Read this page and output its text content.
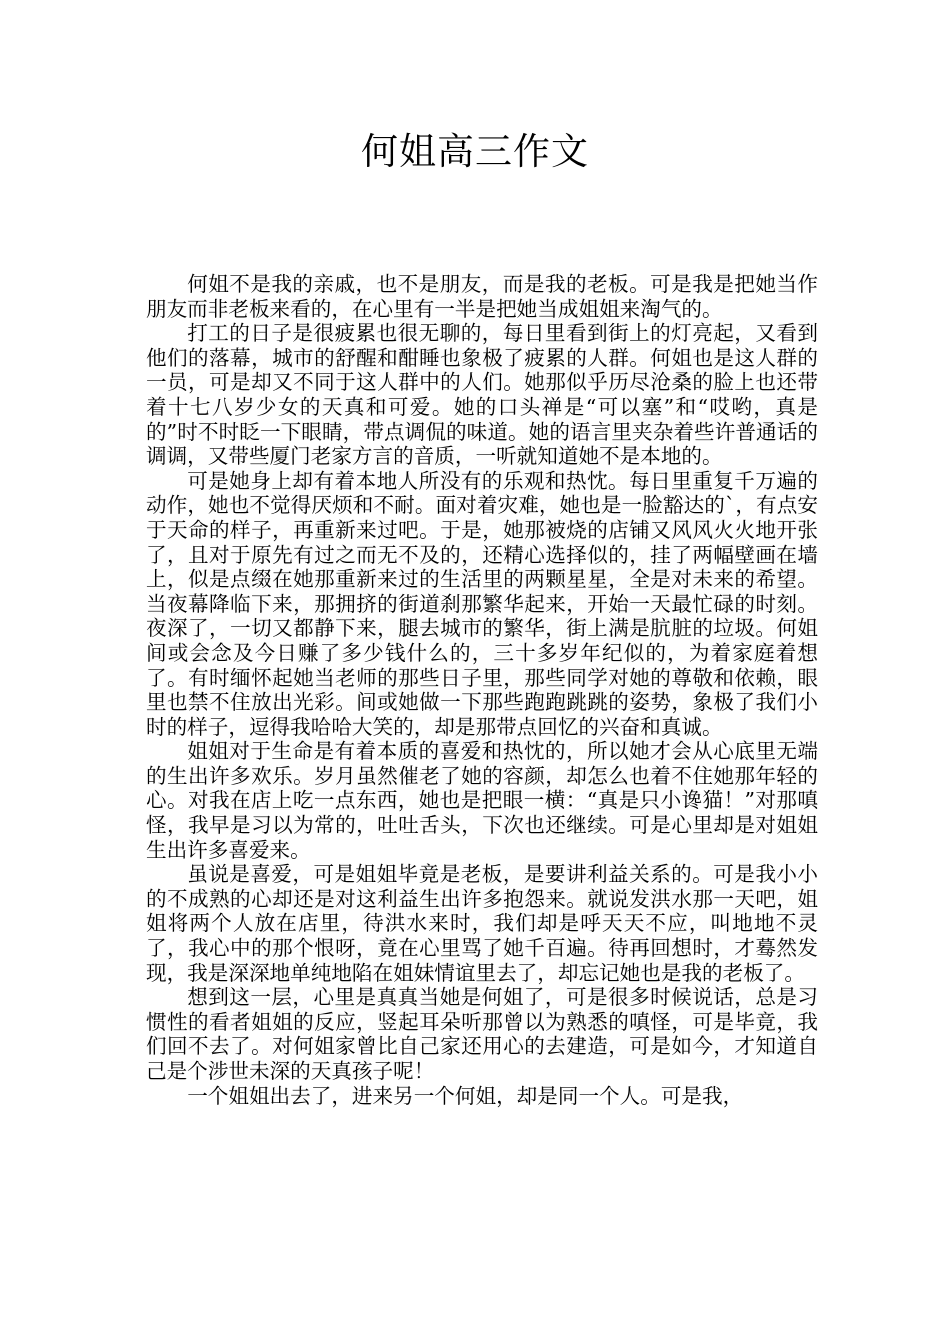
何姐高三作文

何姐不是我的亲戚，也不是朋友，而是我的老板。可是我是把她当作朋友而非老板来看的，在心里有一半是把她当成姐姐来淘气的。

打工的日子是很疲累也很无聊的，每日里看到街上的灯亮起，又看到他们的落幕，城市的舒醒和酣睡也象极了疲累的人群。何姐也是这人群的一员，可是却又不同于这人群中的人们。她那似乎历尽沧桑的脸上也还带着十七八岁少女的天真和可爱。她的口头禅是“可以塞”和“哎哟，真是的”时不时眨一下眼睛，带点调侃的味道。她的语言里夹杂着些许普通话的调调，又带些厦门老家方言的音质，一听就知道她不是本地的。

可是她身上却有着本地人所没有的乐观和热忱。每日里重复千万遍的动作，她也不觉得厌烦和不耐。面对着灾难，她也是一脸豁达的`，有点安于天命的样子，再重新来过吧。于是，她那被烧的店铺又风风火火地开张了，且对于原先有过之而无不及的，还精心选择似的，挂了两幅壁画在墙上，似是点缀在她那重新来过的生活里的两颗星星，全是对未来的希望。当夜幕降临下来，那拥挤的街道刹那繁华起来，开始一天最忙碌的时刻。夜深了，一切又都静下来，腿去城市的繁华，街上满是肮脏的垃圾。何姐间或会念及今日赚了多少钱什么的，三十多岁年纪似的，为着家庭着想了。有时缅怀起她当老师的那些日子里，那些同学对她的尊敬和依赖，眼里也禁不住放出光彩。间或她做一下那些跑跑跳跳的姿势，象极了我们小时的样子，逗得我哈哈大笑的，却是那带点回忆的兴奋和真诚。

姐姐对于生命是有着本质的喜爱和热忱的，所以她才会从心底里无端的生出许多欢乐。岁月虽然催老了她的容颜，却怎么也着不住她那年轻的心。对我在店上吃一点东西，她也是把眼一横：“真是只小谗猫！”对那嗔怪，我早是习以为常的，吐吐舌头，下次也还继续。可是心里却是对姐姐生出许多喜爱来。

虽说是喜爱，可是姐姐毕竟是老板，是要讲利益关系的。可是我小小的不成熟的心却还是对这利益生出许多抱怨来。就说发洪水那一天吧，姐姐将两个人放在店里，待洪水来时，我们却是呼天天不应，叫地地不灵了，我心中的那个恨呀，竟在心里骂了她千百遍。待再回想时，才蓦然发现，我是深深地单纯地陷在姐妹情谊里去了，却忘记她也是我的老板了。

想到这一层，心里是真真当她是何姐了，可是很多时候说话，总是习惯性的看者姐姐的反应，竖起耳朵听那曾以为熟悉的嗔怪，可是毕竟，我们回不去了。对何姐家曾比自己家还用心的去建造，可是如今，才知道自己是个涉世未深的天真孩子呢！

一个姐姐出去了，进来另一个何姐，却是同一个人。可是我，
